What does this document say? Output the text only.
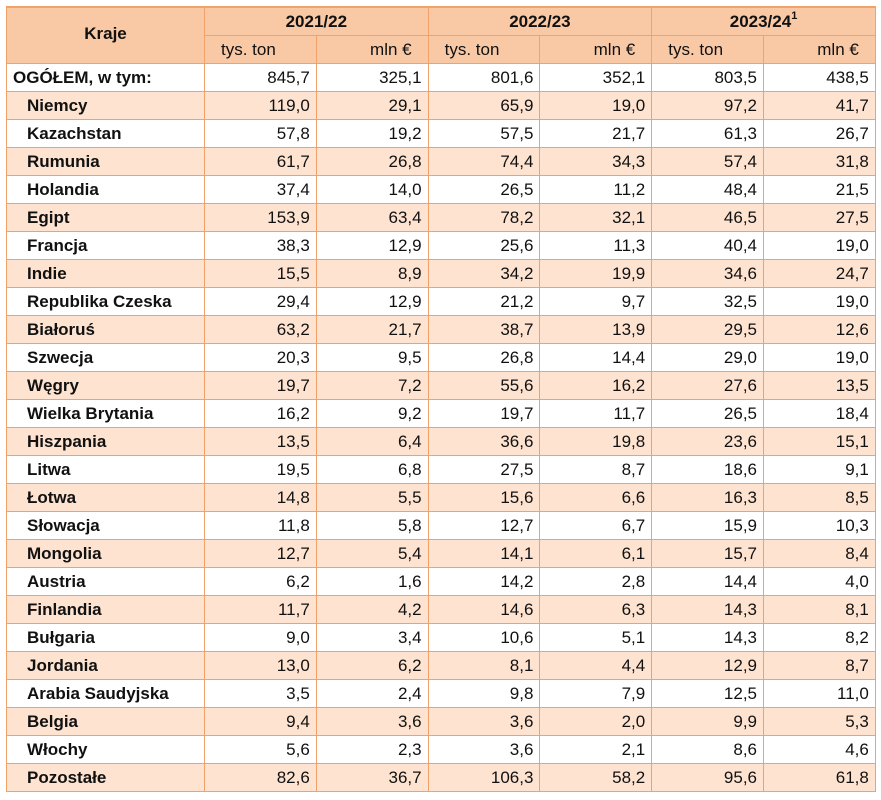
Kraje	2021/22		2022/23		$2023/24^1$
	tys. ton	mln €	tys. ton	mln €	tys. ton	mln €
OGÓŁEM, w tym:	845,7	325,1	801,6	352,1	803,5	438,5
Niemcy	119,0	29,1	65,9	19,0	97,2	41,7
Kazachstan	57,8	19,2	57,5	21,7	61,3	26,7
Rumunia	61,7	26,8	74,4	34,3	57,4	31,8
Holandia	37,4	14,0	26,5	11,2	48,4	21,5
Egipt	153,9	63,4	78,2	32,1	46,5	27,5
Francja	38,3	12,9	25,6	11,3	40,4	19,0
Indie	15,5	8,9	34,2	19,9	34,6	24,7
Republika Czeska	29,4	12,9	21,2	9,7	32,5	19,0
Białoruś	63,2	21,7	38,7	13,9	29,5	12,6
Szwecja	20,3	9,5	26,8	14,4	29,0	19,0
Węgry	19,7	7,2	55,6	16,2	27,6	13,5
Wielka Brytania	16,2	9,2	19,7	11,7	26,5	18,4
Hiszpania	13,5	6,4	36,6	19,8	23,6	15,1
Litwa	19,5	6,8	27,5	8,7	18,6	9,1
Łotwa	14,8	5,5	15,6	6,6	16,3	8,5
Słowacja	11,8	5,8	12,7	6,7	15,9	10,3
Mongolia	12,7	5,4	14,1	6,1	15,7	8,4
Austria	6,2	1,6	14,2	2,8	14,4	4,0
Finlandia	11,7	4,2	14,6	6,3	14,3	8,1
Bułgaria	9,0	3,4	10,6	5,1	14,3	8,2
Jordania	13,0	6,2	8,1	4,4	12,9	8,7
Arabia Saudyjska	3,5	2,4	9,8	7,9	12,5	11,0
Belgia	9,4	3,6	3,6	2,0	9,9	5,3
Włochy	5,6	2,3	3,6	2,1	8,6	4,6
Pozostałe	82,6	36,7	106,3	58,2	95,6	61,8
